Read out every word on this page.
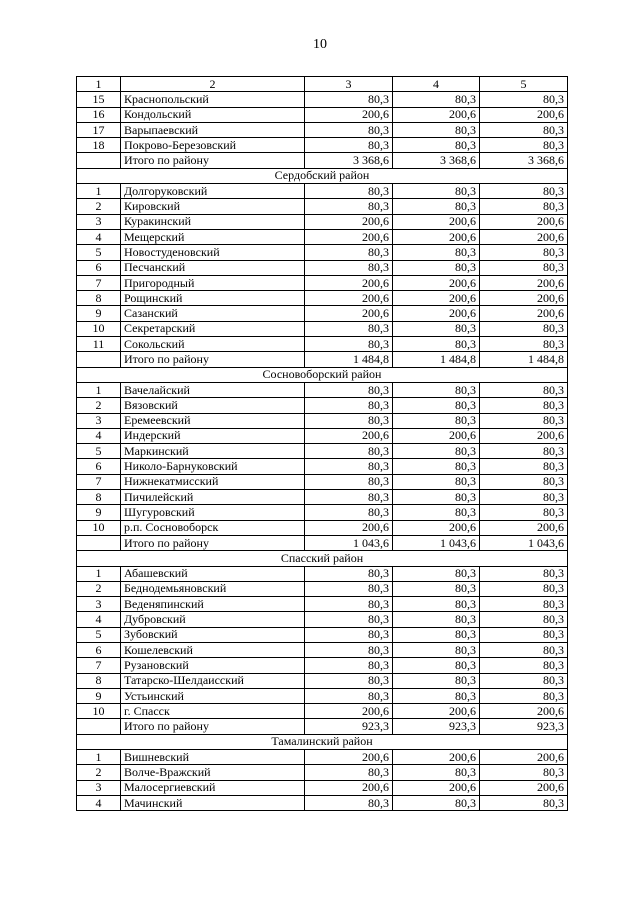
10
1	2	3	4	5
15	Краснопольский	80,3	80,3	80,3
16	Кондольский	200,6	200,6	200,6
17	Варыпаевский	80,3	80,3	80,3
18	Покрово-Березовский	80,3	80,3	80,3
	Итого по району	3 368,6	3 368,6	3 368,6
Сердобский район				
1	Долгоруковский	80,3	80,3	80,3
2	Кировский	80,3	80,3	80,3
3	Куракинский	200,6	200,6	200,6
4	Мещерский	200,6	200,6	200,6
5	Новостуденовский	80,3	80,3	80,3
6	Песчанский	80,3	80,3	80,3
7	Пригородный	200,6	200,6	200,6
8	Рощинский	200,6	200,6	200,6
9	Сазанский	200,6	200,6	200,6
10	Секретарский	80,3	80,3	80,3
11	Сокольский	80,3	80,3	80,3
	Итого по району	1 484,8	1 484,8	1 484,8
Сосновоборский район				
1	Вачелайский	80,3	80,3	80,3
2	Вязовский	80,3	80,3	80,3
3	Еремеевский	80,3	80,3	80,3
4	Индерский	200,6	200,6	200,6
5	Маркинский	80,3	80,3	80,3
6	Николо-Барнуковский	80,3	80,3	80,3
7	Нижнекатмисский	80,3	80,3	80,3
8	Пичилейский	80,3	80,3	80,3
9	Шугуровский	80,3	80,3	80,3
10	р.п. Сосновоборск	200,6	200,6	200,6
	Итого по району	1 043,6	1 043,6	1 043,6
Спасский район				
1	Абашевский	80,3	80,3	80,3
2	Беднодемьяновский	80,3	80,3	80,3
3	Веденяпинский	80,3	80,3	80,3
4	Дубровский	80,3	80,3	80,3
5	Зубовский	80,3	80,3	80,3
6	Кошелевский	80,3	80,3	80,3
7	Рузановский	80,3	80,3	80,3
8	Татарско-Шелдаисский	80,3	80,3	80,3
9	Устьинский	80,3	80,3	80,3
10	г. Спасск	200,6	200,6	200,6
	Итого по району	923,3	923,3	923,3
Тамалинский район				
1	Вишневский	200,6	200,6	200,6
2	Волче-Вражский	80,3	80,3	80,3
3	Малосергиевский	200,6	200,6	200,6
4	Мачинский	80,3	80,3	80,3
